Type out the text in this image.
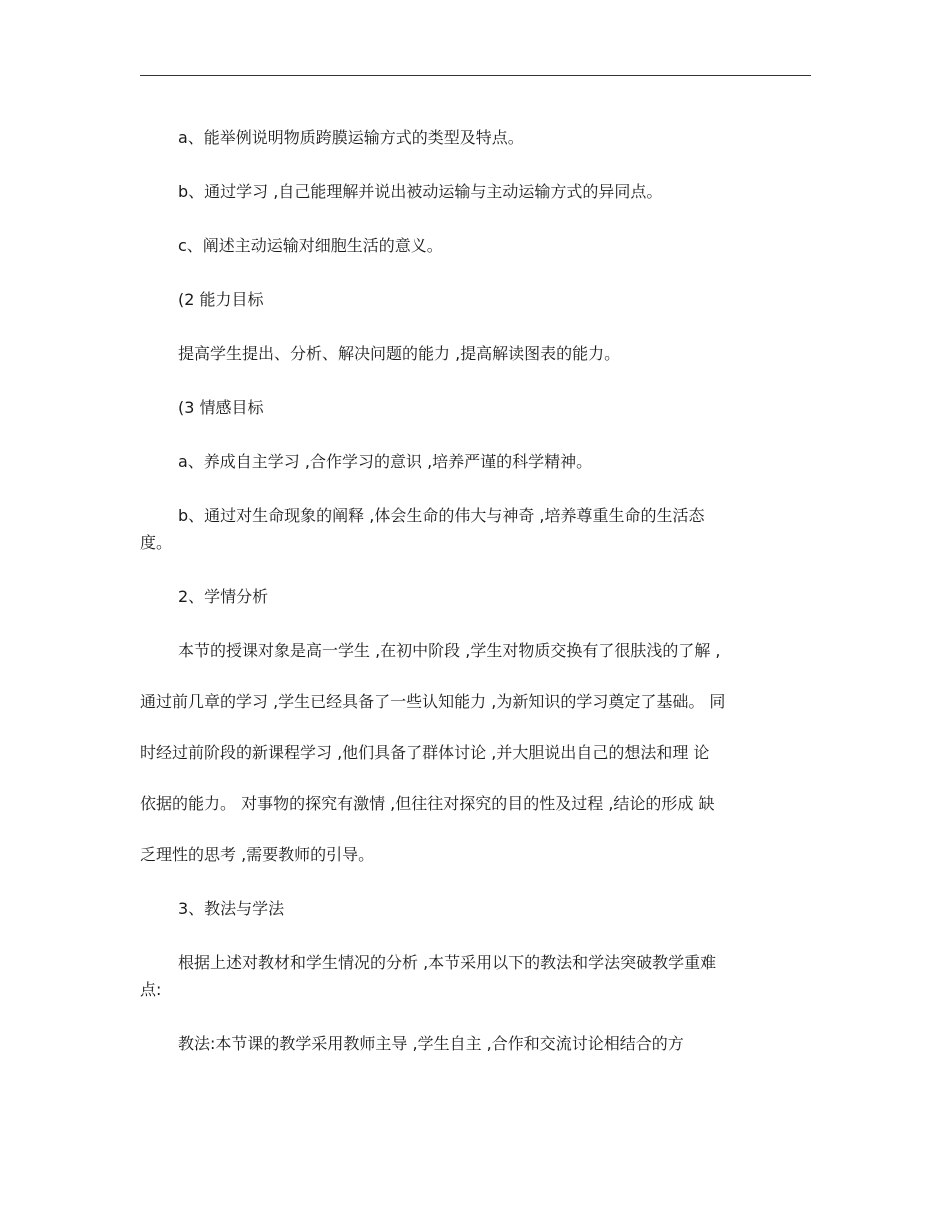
a、能举例说明物质跨膜运输方式的类型及特点。

b、通过学习 ,自己能理解并说出被动运输与主动运输方式的异同点。

c、阐述主动运输对细胞生活的意义。

(2 能力目标

提高学生提出、分析、解决问题的能力 ,提高解读图表的能力。

(3 情感目标

a、养成自主学习 ,合作学习的意识 ,培养严谨的科学精神。

b、通过对生命现象的阐释 ,体会生命的伟大与神奇 ,培养尊重生命的生活态

度。

2、学情分析

本节的授课对象是高一学生 ,在初中阶段 ,学生对物质交换有了很肤浅的了解 ,

通过前几章的学习 ,学生已经具备了一些认知能力 ,为新知识的学习奠定了基础。 同

时经过前阶段的新课程学习 ,他们具备了群体讨论 ,并大胆说出自己的想法和理 论

依据的能力。 对事物的探究有激情 ,但往往对探究的目的性及过程 ,结论的形成 缺

乏理性的思考 ,需要教师的引导。

3、教法与学法

根据上述对教材和学生情况的分析 ,本节采用以下的教法和学法突破教学重难

点:

教法:本节课的教学采用教师主导 ,学生自主 ,合作和交流讨论相结合的方
